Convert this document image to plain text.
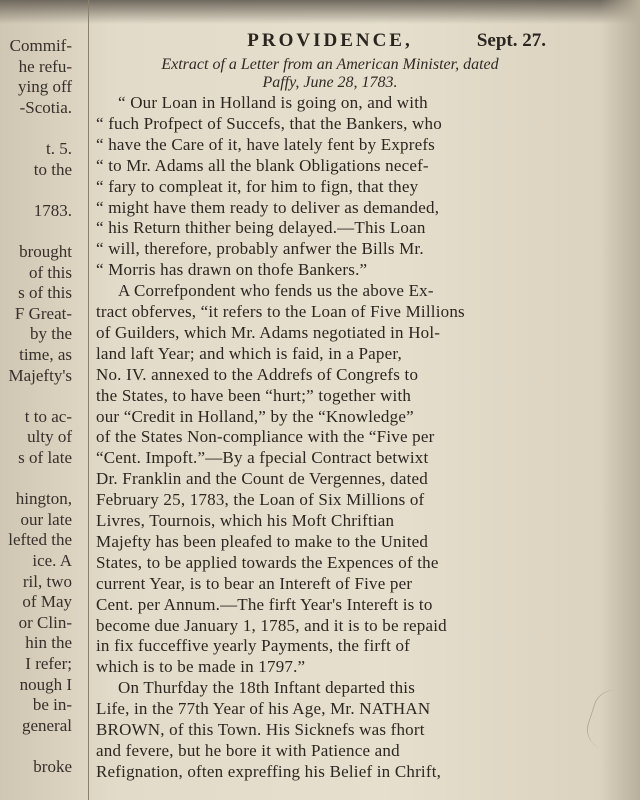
Commif-
he refu-
ying off
-Scotia.
t. 5.
to the
1783.
brought
of this
s of this
F Great-
by the
time, as
Majefty's
t to ac-
ulty of
s of late
hington,
our late
lefted the
ice. A
ril, two
of May
or Clin-
hin the
I refer;
nough I
be in-
general
broke
PROVIDENCE,	Sept. 27.
Extract of a Letter from an American Minister, dated
Paffy, June 28, 1783.
“ Our Loan in Holland is going on, and with
“ fuch Profpect of Succefs, that the Bankers, who
“ have the Care of it, have lately fent by Exprefs
“ to Mr. Adams all the blank Obligations necef-
“ fary to compleat it, for him to fign, that they
“ might have them ready to deliver as demanded,
“ his Return thither being delayed.—This Loan
“ will, therefore, probably anfwer the Bills Mr.
“ Morris has drawn on thofe Bankers.”
A Correfpondent who fends us the above Ex-
tract obferves, “it refers to the Loan of Five Millions
of Guilders, which Mr. Adams negotiated in Hol-
land laft Year; and which is faid, in a Paper,
No. IV. annexed to the Addrefs of Congrefs to
the States, to have been “hurt;” together with
our “Credit in Holland,” by the “Knowledge”
of the States Non-compliance with the “Five per
“Cent. Impoft.”—By a fpecial Contract betwixt
Dr. Franklin and the Count de Vergennes, dated
February 25, 1783, the Loan of Six Millions of
Livres, Tournois, which his Moft Chriftian
Majefty has been pleafed to make to the United
States, to be applied towards the Expences of the
current Year, is to bear an Intereft of Five per
Cent. per Annum.—The firft Year's Intereft is to
become due January 1, 1785, and it is to be repaid
in fix fucceffive yearly Payments, the firft of
which is to be made in 1797.”
On Thurfday the 18th Inftant departed this
Life, in the 77th Year of his Age, Mr. NATHAN
BROWN, of this Town. His Sicknefs was fhort
and fevere, but he bore it with Patience and
Refignation, often expreffing his Belief in Chrift,
